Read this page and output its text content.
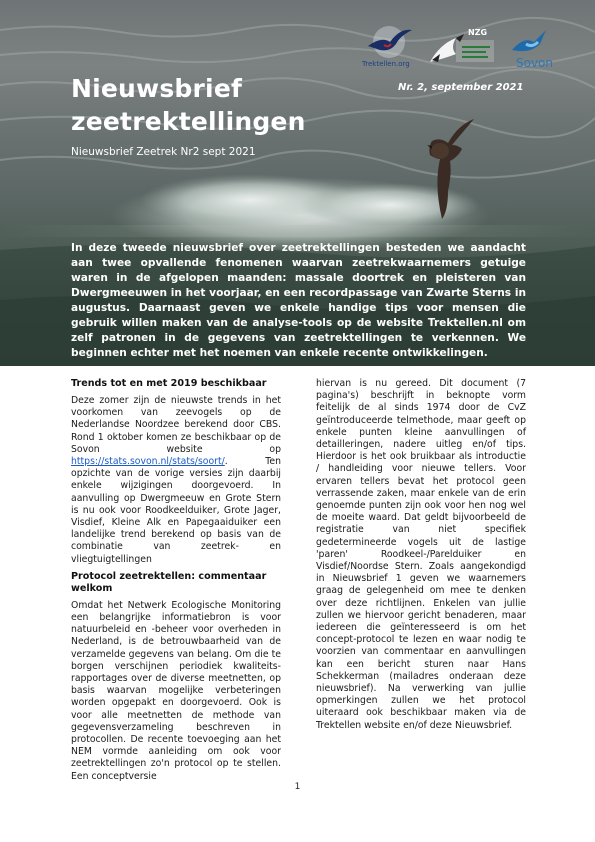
Trektellen.org
NZG
Sovon
Nieuwsbrief
zeetrektellingen
Nieuwsbrief Zeetrek Nr2 sept 2021
Nr. 2, september 2021
In deze tweede nieuwsbrief over zeetrektellingen besteden we aandacht aan twee opvallende fenomenen waarvan zeetrekwaarnemers getuige waren in de afgelopen maanden: massale doortrek en pleisteren van Dwergmeeuwen in het voorjaar, en een recordpassage van Zwarte Sterns in augustus. Daarnaast geven we enkele handige tips voor mensen die gebruik willen maken van de analyse-tools op de website Trektellen.nl om zelf patronen in de gegevens van zeetrektellingen te verkennen. We beginnen echter met het noemen van enkele recente ontwikkelingen.
Trends tot en met 2019 beschikbaar

Deze zomer zijn de nieuwste trends in het voorkomen van zeevogels op de Nederlandse Noordzee berekend door CBS. Rond 1 oktober komen ze beschikbaar op de Sovon website op https://stats.sovon.nl/stats/soort/. Ten opzichte van de vorige versies zijn daarbij enkele wijzigingen doorgevoerd. In aanvulling op Dwergmeeuw en Grote Stern is nu ook voor Roodkeelduiker, Grote Jager, Visdief, Kleine Alk en Papegaaiduiker een landelijke trend berekend op basis van de combinatie van zeetrek- en vliegtuigtellingen

Protocol zeetrektellen: commentaar welkom

Omdat het Netwerk Ecologische Monitoring een belangrijke informatiebron is voor natuurbeleid en -beheer voor overheden in Nederland, is de betrouwbaarheid van de verzamelde gegevens van belang. Om die te borgen verschijnen periodiek kwaliteits-rapportages over de diverse meetnetten, op basis waarvan mogelijke verbeteringen worden opgepakt en doorgevoerd. Ook is voor alle meetnetten de methode van gegevensverzameling beschreven in protocollen. De recente toevoeging aan het NEM vormde aanleiding om ook voor zeetrektellingen zo'n protocol op te stellen. Een conceptversie

hiervan is nu gereed. Dit document (7 pagina's) beschrijft in beknopte vorm feitelijk de al sinds 1974 door de CvZ geïntroduceerde telmethode, maar geeft op enkele punten kleine aanvullingen of detailleringen, nadere uitleg en/of tips. Hierdoor is het ook bruikbaar als introductie / handleiding voor nieuwe tellers. Voor ervaren tellers bevat het protocol geen verrassende zaken, maar enkele van de erin genoemde punten zijn ook voor hen nog wel de moeite waard. Dat geldt bijvoorbeeld de registratie van niet specifiek gedetermineerde vogels uit de lastige 'paren' Roodkeel-/Parelduiker en Visdief/Noordse Stern. Zoals aangekondigd in Nieuwsbrief 1 geven we waarnemers graag de gelegenheid om mee te denken over deze richtlijnen. Enkelen van jullie zullen we hiervoor gericht benaderen, maar iedereen die geïnteresseerd is om het concept-protocol te lezen en waar nodig te voorzien van commentaar en aanvullingen kan een bericht sturen naar Hans Schekkerman (mailadres onderaan deze nieuwsbrief). Na verwerking van jullie opmerkingen zullen we het protocol uiteraard ook beschikbaar maken via de Trektellen website en/of deze Nieuwsbrief.

1
